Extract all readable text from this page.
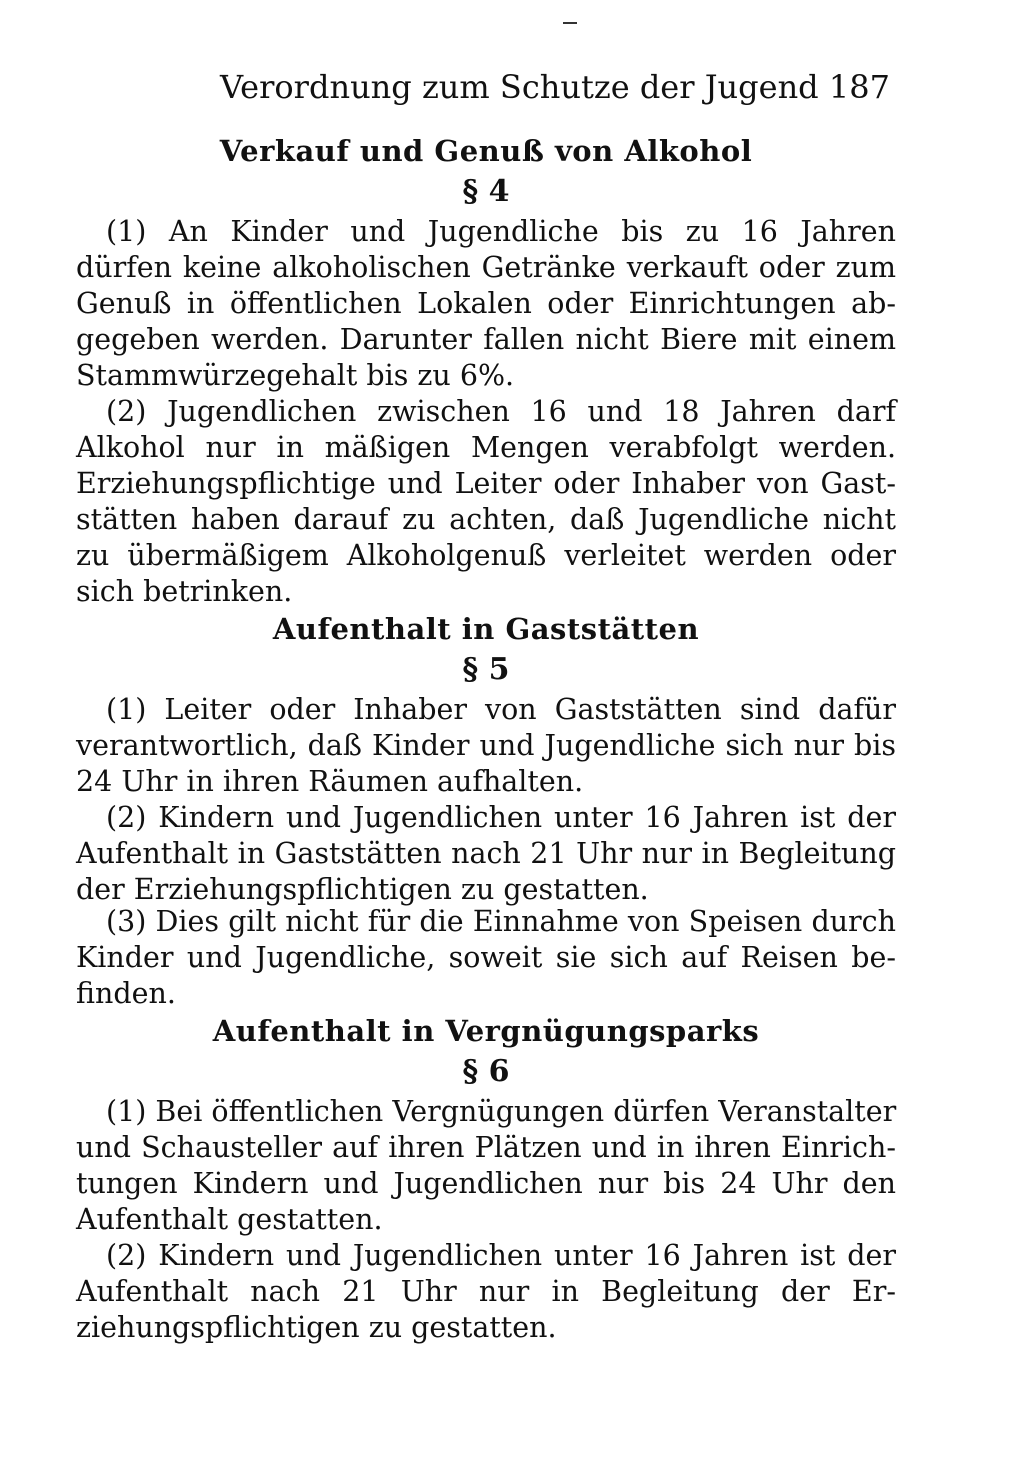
Verordnung zum Schutze der Jugend 187
Verkauf und Genuß von Alkohol
§ 4
(1) An Kinder und Jugendliche bis zu 16 Jahren
dürfen keine alkoholischen Getränke verkauft oder zum
Genuß in öffentlichen Lokalen oder Einrichtungen ab-
gegeben werden. Darunter fallen nicht Biere mit einem
Stammwürzegehalt bis zu 6%.
(2) Jugendlichen zwischen 16 und 18 Jahren darf
Alkohol nur in mäßigen Mengen verabfolgt werden.
Erziehungspflichtige und Leiter oder Inhaber von Gast-
stätten haben darauf zu achten, daß Jugendliche nicht
zu übermäßigem Alkoholgenuß verleitet werden oder
sich betrinken.
Aufenthalt in Gaststätten
§ 5
(1) Leiter oder Inhaber von Gaststätten sind dafür
verantwortlich, daß Kinder und Jugendliche sich nur bis
24 Uhr in ihren Räumen aufhalten.
(2) Kindern und Jugendlichen unter 16 Jahren ist der
Aufenthalt in Gaststätten nach 21 Uhr nur in Begleitung
der Erziehungspflichtigen zu gestatten.
(3) Dies gilt nicht für die Einnahme von Speisen durch
Kinder und Jugendliche, soweit sie sich auf Reisen be-
finden.
Aufenthalt in Vergnügungsparks
§ 6
(1) Bei öffentlichen Vergnügungen dürfen Veranstalter
und Schausteller auf ihren Plätzen und in ihren Einrich-
tungen Kindern und Jugendlichen nur bis 24 Uhr den
Aufenthalt gestatten.
(2) Kindern und Jugendlichen unter 16 Jahren ist der
Aufenthalt nach 21 Uhr nur in Begleitung der Er-
ziehungspflichtigen zu gestatten.
